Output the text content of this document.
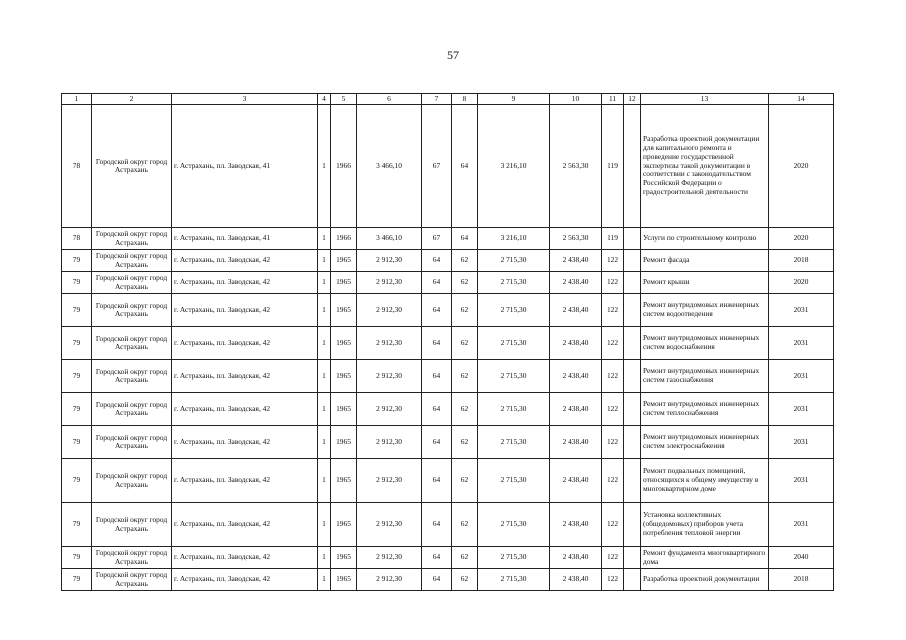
57
1	2	3	4	5	6	7	8	9	10	11	12	13	14
78	Городской округ город Астрахань	г. Астрахань, пл. Заводская, 41	1	1966	3 466,10	67	64	3 216,10	2 563,30	119		Разработка проектной документации для капитального ремонта и проведение государственной экспертизы такой документации в соответствии с законодательством Российской Федерации о градостроительной деятельности	2020
78	Городской округ город Астрахань	г. Астрахань, пл. Заводская, 41	1	1966	3 466,10	67	64	3 216,10	2 563,30	119		Услуги по строительному контролю	2020
79	Городской округ город Астрахань	г. Астрахань, пл. Заводская, 42	1	1965	2 912,30	64	62	2 715,30	2 438,40	122		Ремонт фасада	2018
79	Городской округ город Астрахань	г. Астрахань, пл. Заводская, 42	1	1965	2 912,30	64	62	2 715,30	2 438,40	122		Ремонт крыши	2020
79	Городской округ город Астрахань	г. Астрахань, пл. Заводская, 42	1	1965	2 912,30	64	62	2 715,30	2 438,40	122		Ремонт внутридомовых инженерных систем водоотведения	2031
79	Городской округ город Астрахань	г. Астрахань, пл. Заводская, 42	1	1965	2 912,30	64	62	2 715,30	2 438,40	122		Ремонт внутридомовых инженерных систем водоснабжения	2031
79	Городской округ город Астрахань	г. Астрахань, пл. Заводская, 42	1	1965	2 912,30	64	62	2 715,30	2 438,40	122		Ремонт внутридомовых инженерных систем газоснабжения	2031
79	Городской округ город Астрахань	г. Астрахань, пл. Заводская, 42	1	1965	2 912,30	64	62	2 715,30	2 438,40	122		Ремонт внутридомовых инженерных систем теплоснабжения	2031
79	Городской округ город Астрахань	г. Астрахань, пл. Заводская, 42	1	1965	2 912,30	64	62	2 715,30	2 438,40	122		Ремонт внутридомовых инженерных систем электроснабжения	2031
79	Городской округ город Астрахань	г. Астрахань, пл. Заводская, 42	1	1965	2 912,30	64	62	2 715,30	2 438,40	122		Ремонт подвальных помещений, относящихся к общему имуществу в многоквартирном доме	2031
79	Городской округ город Астрахань	г. Астрахань, пл. Заводская, 42	1	1965	2 912,30	64	62	2 715,30	2 438,40	122		Установка коллективных (общедомовых) приборов учета потребления тепловой энергии	2031
79	Городской округ город Астрахань	г. Астрахань, пл. Заводская, 42	1	1965	2 912,30	64	62	2 715,30	2 438,40	122		Ремонт фундамента многоквартирного дома	2040
79	Городской округ город Астрахань	г. Астрахань, пл. Заводская, 42	1	1965	2 912,30	64	62	2 715,30	2 438,40	122		Разработка проектной документации	2018
